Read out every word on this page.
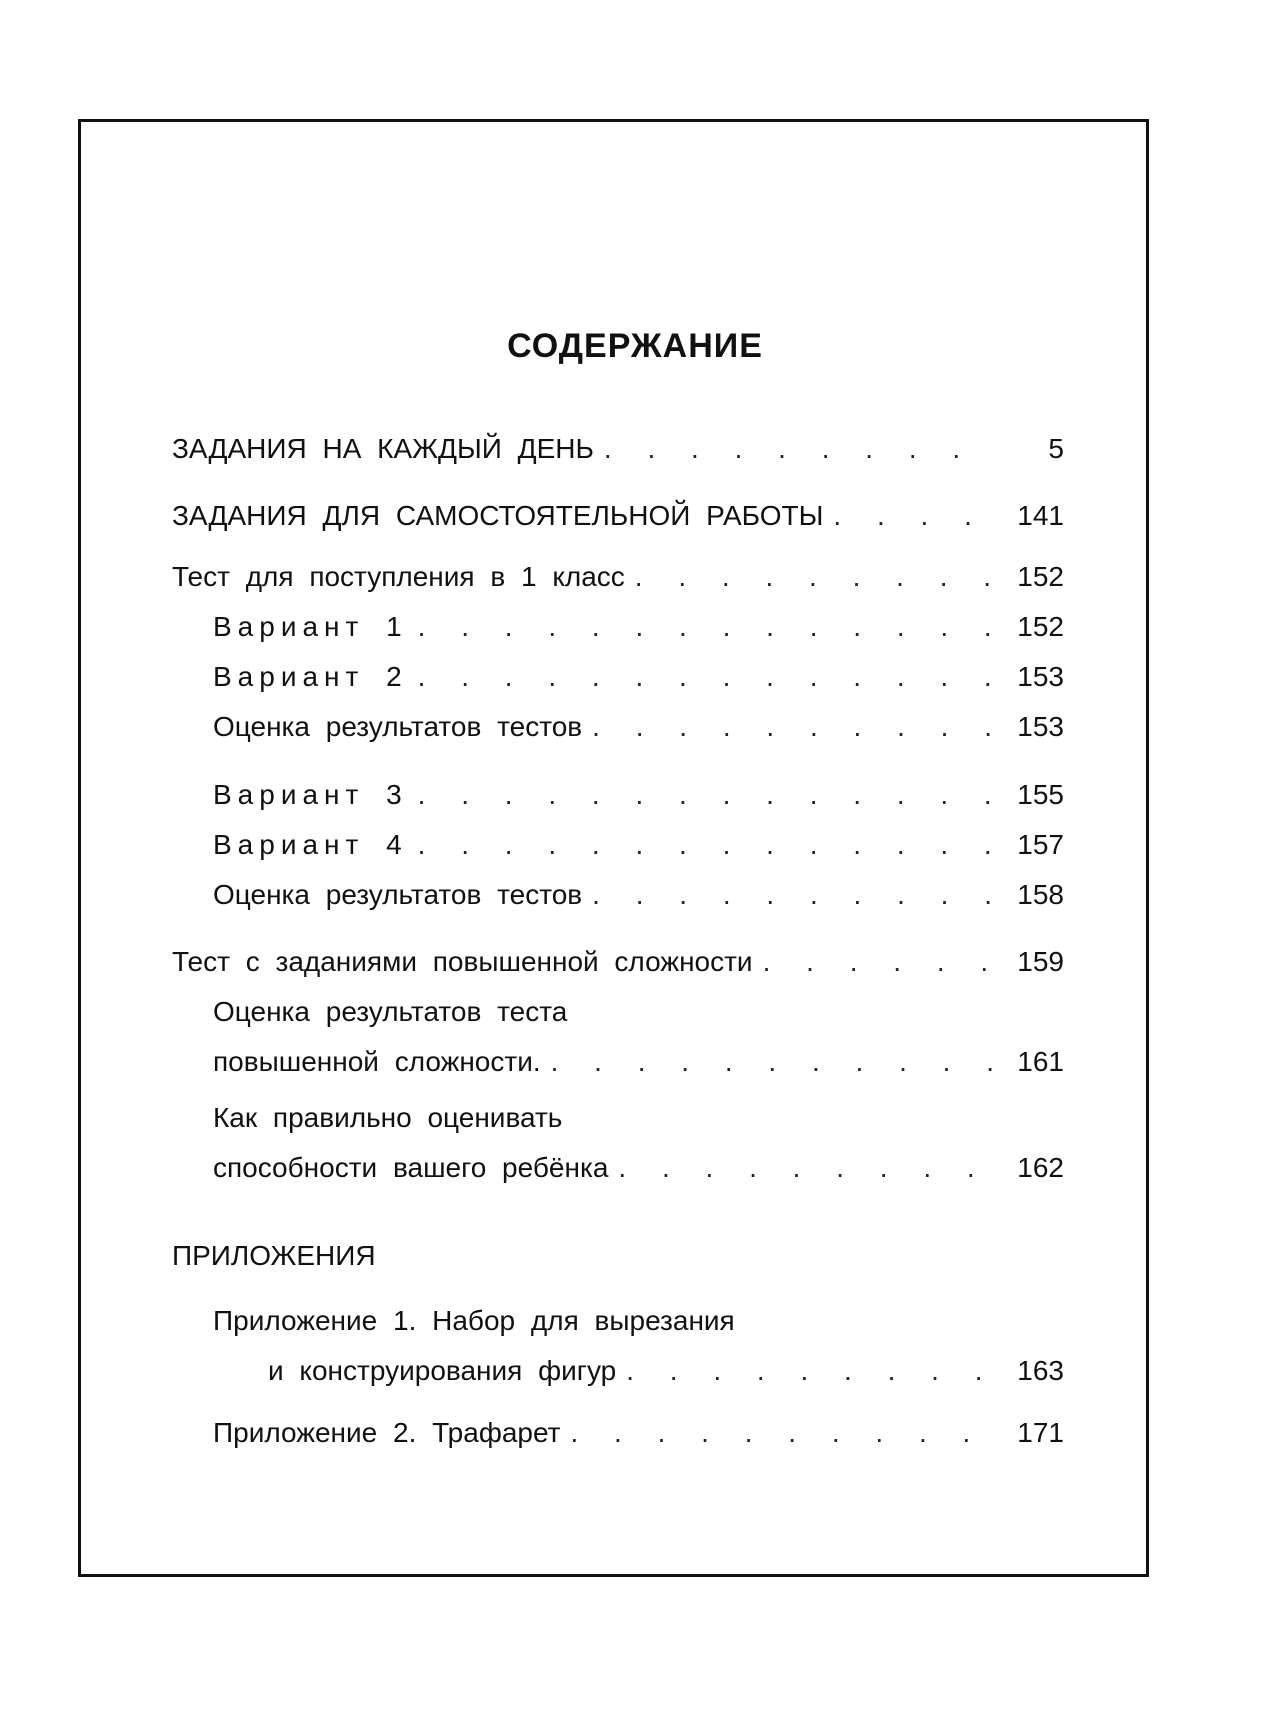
СОДЕРЖАНИЕ
ЗАДАНИЯ НА КАЖДЫЙ ДЕНЬ . . .	5
ЗАДАНИЯ ДЛЯ САМОСТОЯТЕЛЬНОЙ РАБОТЫ . . .	141
Тест для поступления в 1 класс . . .	152
Вариант 1 . . .	152
Вариант 2 . . .	153
Оценка результатов тестов . . .	153
Вариант 3 . . .	155
Вариант 4 . . .	157
Оценка результатов тестов . . .	158
Тест с заданиями повышенной сложности . . .	159
Оценка результатов теста
повышенной сложности. . . .	161
Как правильно оценивать
способности вашего ребёнка . . .	162
ПРИЛОЖЕНИЯ
Приложение 1. Набор для вырезания
и конструирования фигур . . .	163
Приложение 2. Трафарет . . .	171
